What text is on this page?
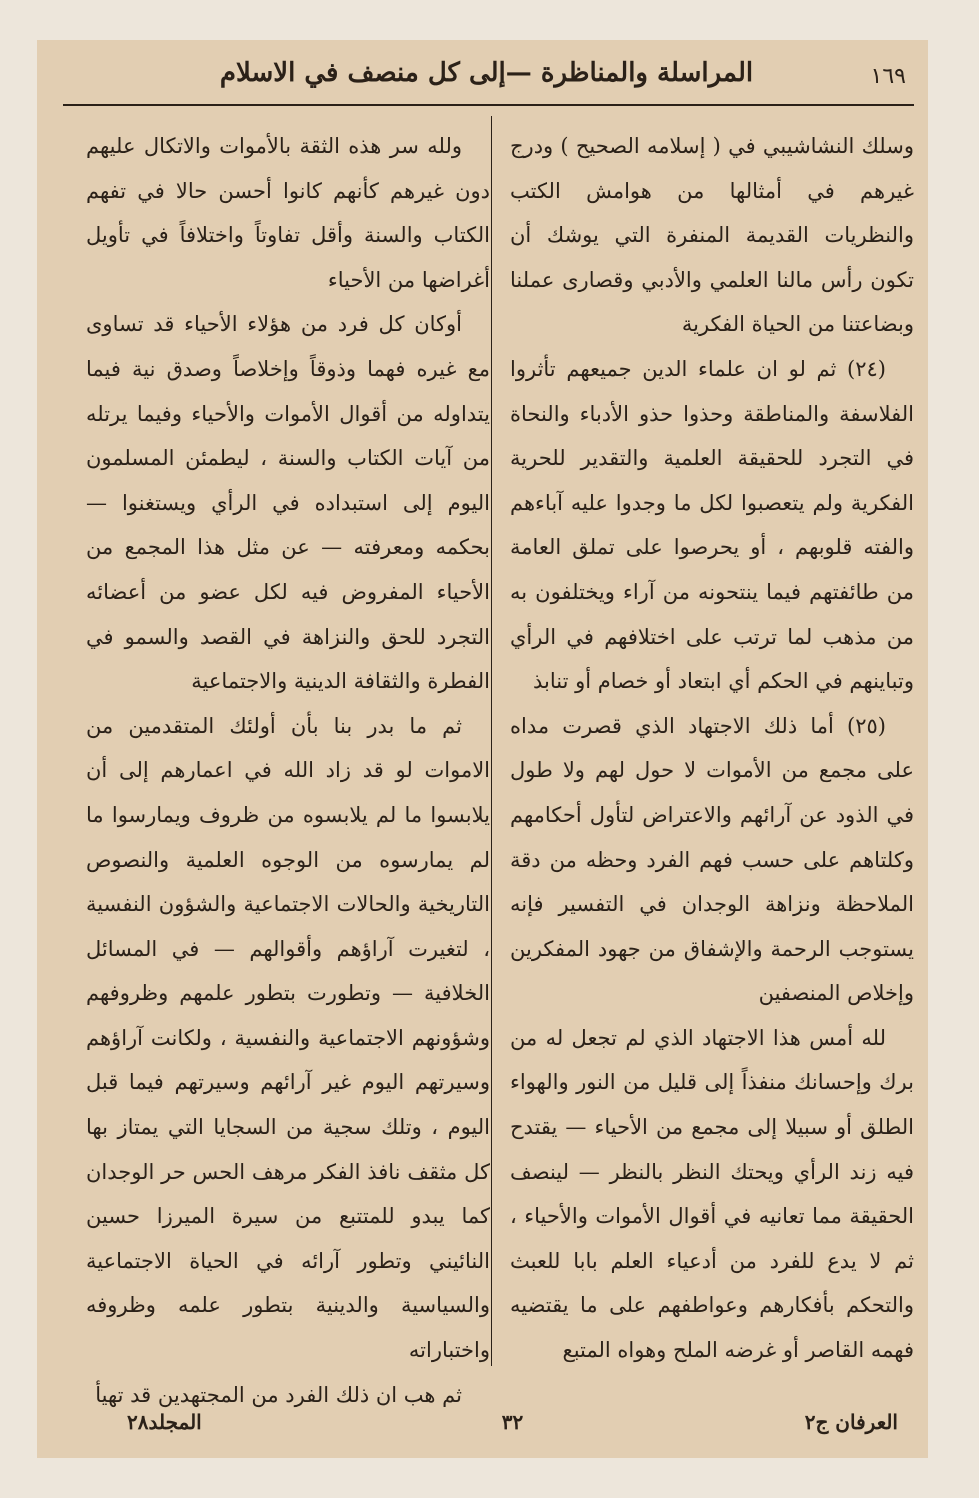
١٦٩
المراسلة والمناظرة —إلى كل منصف في الاسلام

وسلك النشاشيبي في ( إسلامه الصحيح ) ودرج غيرهم في أمثالها من هوامش الكتب والنظريات القديمة المنفرة التي يوشك أن تكون رأس مالنا العلمي والأدبي وقصارى عملنا وبضاعتنا من الحياة الفكرية

(٢٤) ثم لو ان علماء الدين جميعهم تأثروا الفلاسفة والمناطقة وحذوا حذو الأدباء والنحاة في التجرد للحقيقة العلمية والتقدير للحرية الفكرية ولم يتعصبوا لكل ما وجدوا عليه آباءهم والفته قلوبهم ، أو يحرصوا على تملق العامة من طائفتهم فيما ينتحونه من آراء ويختلفون به من مذهب لما ترتب على اختلافهم في الرأي وتباينهم في الحكم أي ابتعاد أو خصام أو تنابذ

(٢٥) أما ذلك الاجتهاد الذي قصرت مداه على مجمع من الأموات لا حول لهم ولا طول في الذود عن آرائهم والاعتراض لتأول أحكامهم وكلتاهم على حسب فهم الفرد وحظه من دقة الملاحظة ونزاهة الوجدان في التفسير فإنه يستوجب الرحمة والإشفاق من جهود المفكرين وإخلاص المنصفين

لله أمس هذا الاجتهاد الذي لم تجعل له من برك وإحسانك منفذاً إلى قليل من النور والهواء الطلق أو سبيلا إلى مجمع من الأحياء — يقتدح فيه زند الرأي ويحتك النظر بالنظر — لينصف الحقيقة مما تعانيه في أقوال الأموات والأحياء ، ثم لا يدع للفرد من أدعياء العلم بابا للعبث والتحكم بأفكارهم وعواطفهم على ما يقتضيه فهمه القاصر أو غرضه الملح وهواه المتبع

ولله سر هذه الثقة بالأموات والاتكال عليهم دون غيرهم كأنهم كانوا أحسن حالا في تفهم الكتاب والسنة وأقل تفاوتاً واختلافاً في تأويل أغراضها من الأحياء

أوكان كل فرد من هؤلاء الأحياء قد تساوى مع غيره فهما وذوقاً وإخلاصاً وصدق نية فيما يتداوله من أقوال الأموات والأحياء وفيما يرتله من آيات الكتاب والسنة ، ليطمئن المسلمون اليوم إلى استبداده في الرأي ويستغنوا — بحكمه ومعرفته — عن مثل هذا المجمع من الأحياء المفروض فيه لكل عضو من أعضائه التجرد للحق والنزاهة في القصد والسمو في الفطرة والثقافة الدينية والاجتماعية

ثم ما بدر بنا بأن أولئك المتقدمين من الاموات لو قد زاد الله في اعمارهم إلى أن يلابسوا ما لم يلابسوه من ظروف ويمارسوا ما لم يمارسوه من الوجوه العلمية والنصوص التاريخية والحالات الاجتماعية والشؤون النفسية ، لتغيرت آراؤهم وأقوالهم — في المسائل الخلافية — وتطورت بتطور علمهم وظروفهم وشؤونهم الاجتماعية والنفسية ، ولكانت آراؤهم وسيرتهم اليوم غير آرائهم وسيرتهم فيما قبل اليوم ، وتلك سجية من السجايا التي يمتاز بها كل مثقف نافذ الفكر مرهف الحس حر الوجدان كما يبدو للمتتبع من سيرة الميرزا حسين النائيني وتطور آرائه في الحياة الاجتماعية والسياسية والدينية بتطور علمه وظروفه واختباراته

ثم هب ان ذلك الفرد من المجتهدين قد تهيأ

العرفان ج٢
٣٢
المجلد٢٨
